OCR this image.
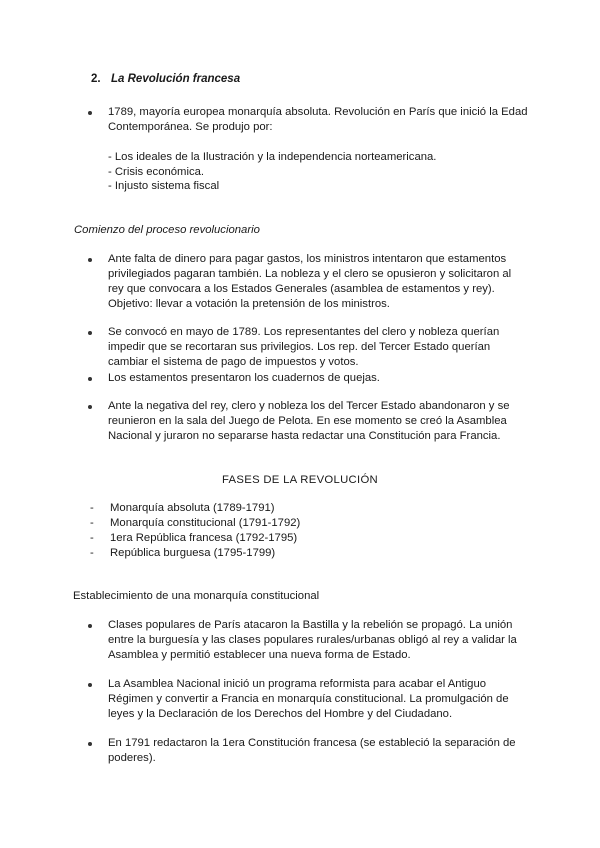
2. La Revolución francesa
1789, mayoría europea monarquía absoluta. Revolución en París que inició la Edad Contemporánea. Se produjo por:
- Los ideales de la Ilustración y la independencia norteamericana.
- Crisis económica.
- Injusto sistema fiscal
Comienzo del proceso revolucionario
Ante falta de dinero para pagar gastos, los ministros intentaron que estamentos privilegiados pagaran también. La nobleza y el clero se opusieron y solicitaron al rey que convocara a los Estados Generales (asamblea de estamentos y rey). Objetivo: llevar a votación la pretensión de los ministros.
Se convocó en mayo de 1789. Los representantes del clero y nobleza querían impedir que se recortaran sus privilegios. Los rep. del Tercer Estado querían cambiar el sistema de pago de impuestos y votos.
Los estamentos presentaron los cuadernos de quejas.
Ante la negativa del rey, clero y nobleza los del Tercer Estado abandonaron y se reunieron en la sala del Juego de Pelota. En ese momento se creó la Asamblea Nacional y juraron no separarse hasta redactar una Constitución para Francia.
FASES DE LA REVOLUCIÓN
- Monarquía absoluta (1789-1791)
- Monarquía constitucional (1791-1792)
- 1era República francesa (1792-1795)
- República burguesa (1795-1799)
Establecimiento de una monarquía constitucional
Clases populares de París atacaron la Bastilla y la rebelión se propagó. La unión entre la burguesía y las clases populares rurales/urbanas obligó al rey a validar la Asamblea y permitió establecer una nueva forma de Estado.
La Asamblea Nacional inició un programa reformista para acabar el Antiguo Régimen y convertir a Francia en monarquía constitucional. La promulgación de leyes y la Declaración de los Derechos del Hombre y del Ciudadano.
En 1791 redactaron la 1era Constitución francesa (se estableció la separación de poderes).
